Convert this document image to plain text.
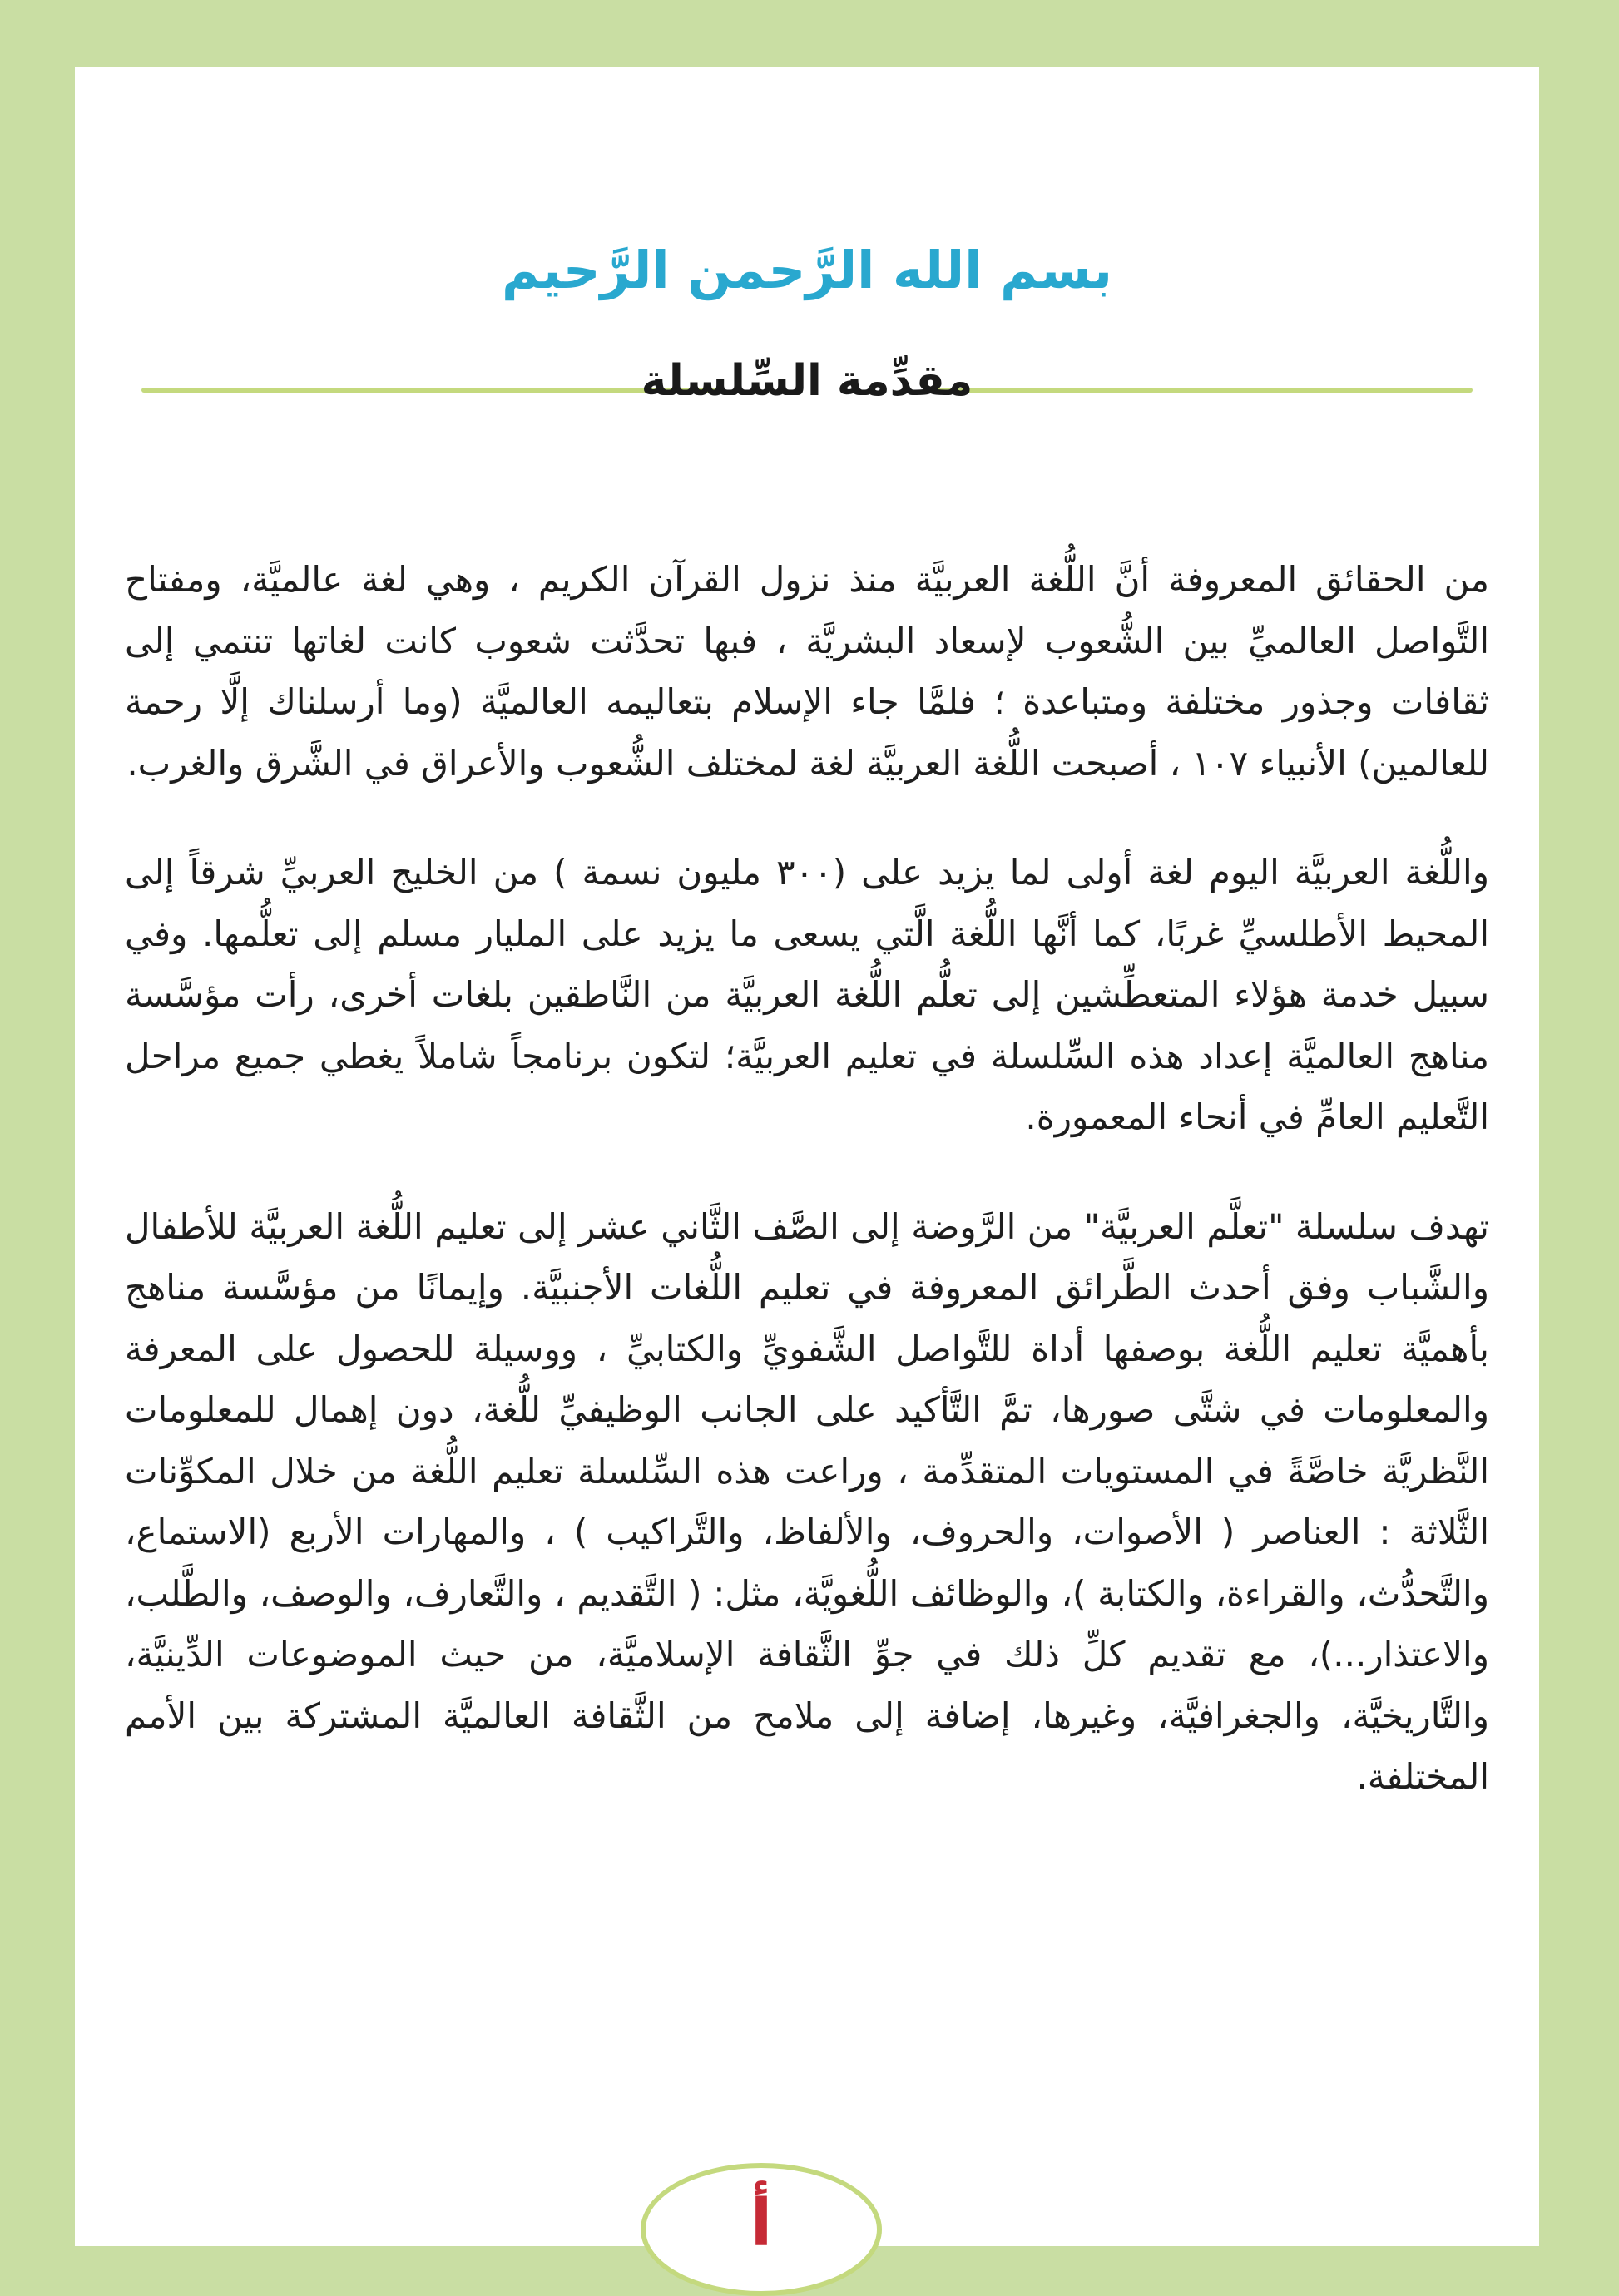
بسم الله الرَّحمن الرَّحيم
مقدِّمة السِّلسلة

من الحقائق المعروفة أنَّ اللُّغة العربيَّة منذ نزول القرآن الكريم ، وهي لغة عالميَّة، ومفتاح التَّواصل العالميِّ بين الشُّعوب لإسعاد البشريَّة ، فبها تحدَّثت شعوب كانت لغاتها تنتمي إلى ثقافات وجذور مختلفة ومتباعدة ؛ فلمَّا جاء الإسلام بتعاليمه العالميَّة (وما أرسلناك إلَّا رحمة للعالمين) الأنبياء ١٠٧ ، أصبحت اللُّغة العربيَّة لغة لمختلف الشُّعوب والأعراق في الشَّرق والغرب.

واللُّغة العربيَّة اليوم لغة أولى لما يزيد على (٣٠٠ مليون نسمة ) من الخليج العربيِّ شرقاً إلى المحيط الأطلسيِّ غربًا، كما أنَّها اللُّغة الَّتي يسعى ما يزيد على المليار مسلم إلى تعلُّمها. وفي سبيل خدمة هؤلاء المتعطِّشين إلى تعلُّم اللُّغة العربيَّة من النَّاطقين بلغات أخرى، رأت مؤسَّسة مناهج العالميَّة إعداد هذه السِّلسلة في تعليم العربيَّة؛ لتكون برنامجاً شاملاً يغطي جميع مراحل التَّعليم العامِّ في أنحاء المعمورة.

تهدف سلسلة "تعلَّم العربيَّة" من الرَّوضة إلى الصَّف الثَّاني عشر إلى تعليم اللُّغة العربيَّة للأطفال والشَّباب وفق أحدث الطَّرائق المعروفة في تعليم اللُّغات الأجنبيَّة. وإيمانًا من مؤسَّسة مناهج بأهميَّة تعليم اللُّغة بوصفها أداة للتَّواصل الشَّفويِّ والكتابيِّ ، ووسيلة للحصول على المعرفة والمعلومات في شتَّى صورها، تمَّ التَّأكيد على الجانب الوظيفيِّ للُّغة، دون إهمال للمعلومات النَّظريَّة خاصَّةً في المستويات المتقدِّمة ، وراعت هذه السِّلسلة تعليم اللُّغة من خلال المكوِّنات الثَّلاثة : العناصر ( الأصوات، والحروف، والألفاظ، والتَّراكيب ) ، والمهارات الأربع (الاستماع، والتَّحدُّث، والقراءة، والكتابة )، والوظائف اللُّغويَّة، مثل: ( التَّقديم ، والتَّعارف، والوصف، والطَّلب، والاعتذار...)، مع تقديم كلِّ ذلك في جوِّ الثَّقافة الإسلاميَّة، من حيث الموضوعات الدِّينيَّة، والتَّاريخيَّة، والجغرافيَّة، وغيرها، إضافة إلى ملامح من الثَّقافة العالميَّة المشتركة بين الأمم المختلفة.

أ
